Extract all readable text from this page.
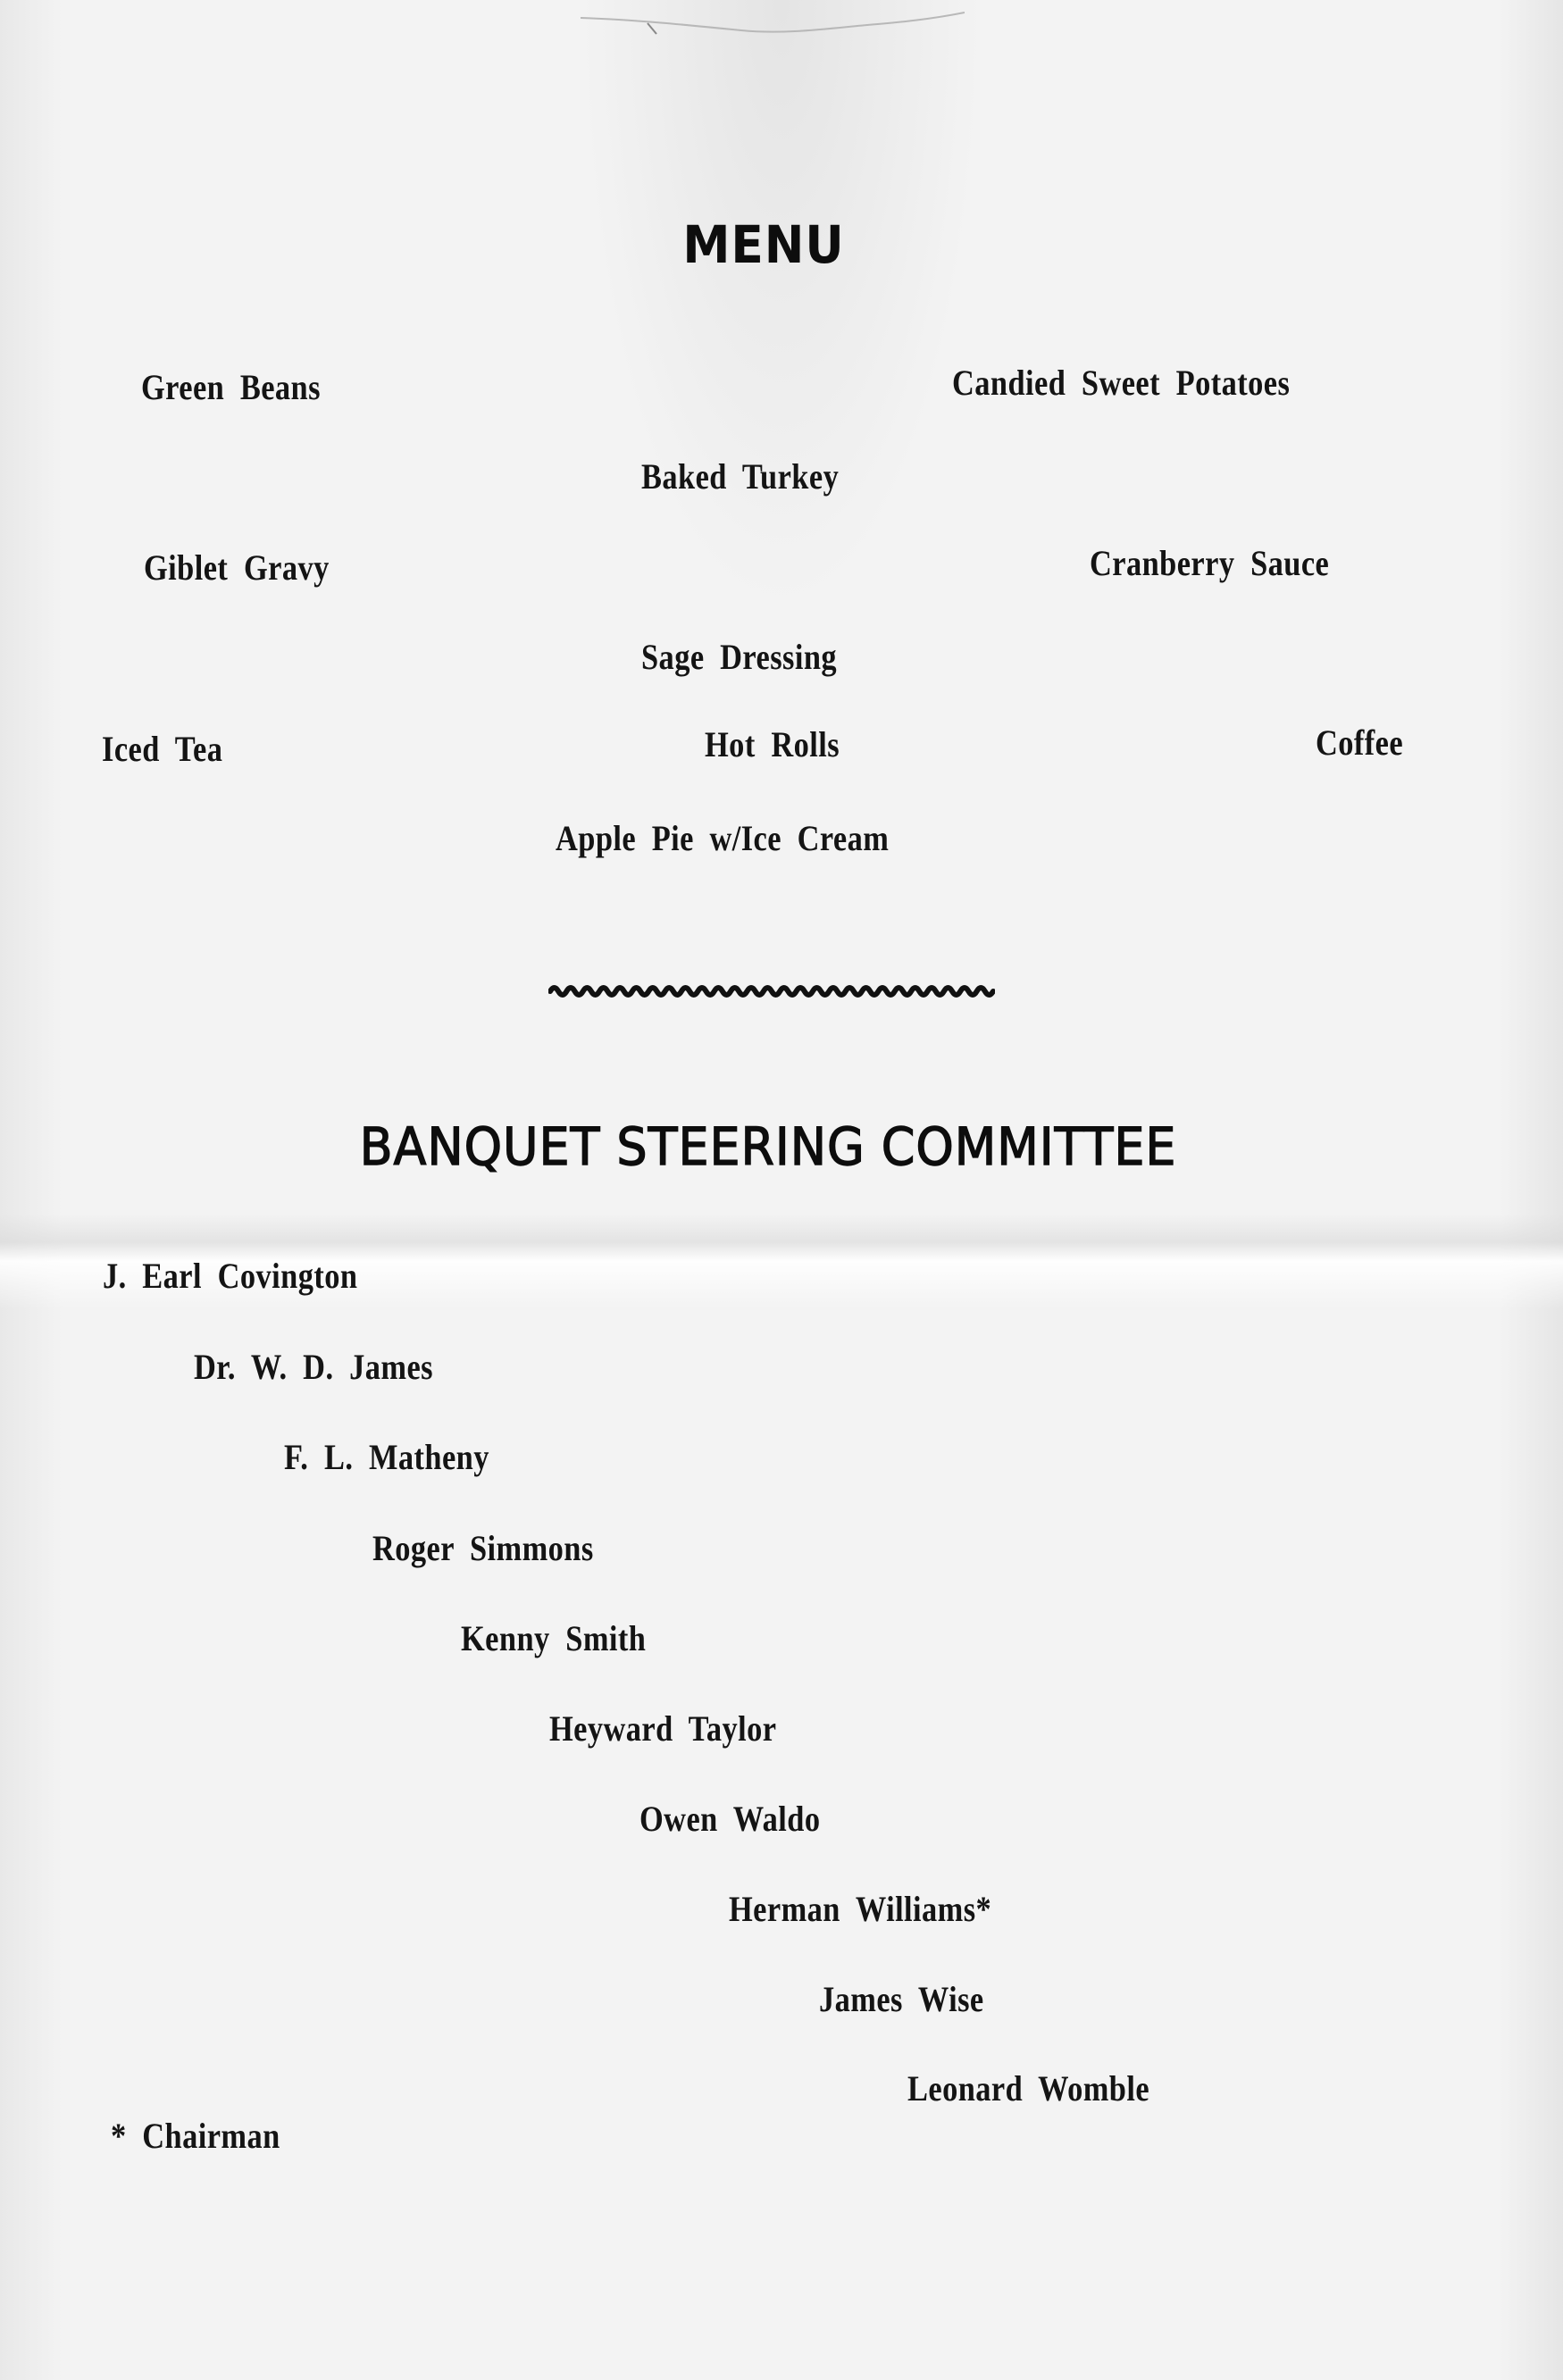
MENU
Green Beans	Candied Sweet Potatoes
Baked Turkey
Giblet Gravy	Cranberry Sauce
Sage Dressing
Iced Tea	Hot Rolls	Coffee
Apple Pie w/Ice Cream
BANQUET STEERING COMMITTEE
J. Earl Covington
Dr. W. D. James
F. L. Matheny
Roger Simmons
Kenny Smith
Heyward Taylor
Owen Waldo
Herman Williams*
James Wise
Leonard Womble
* Chairman
